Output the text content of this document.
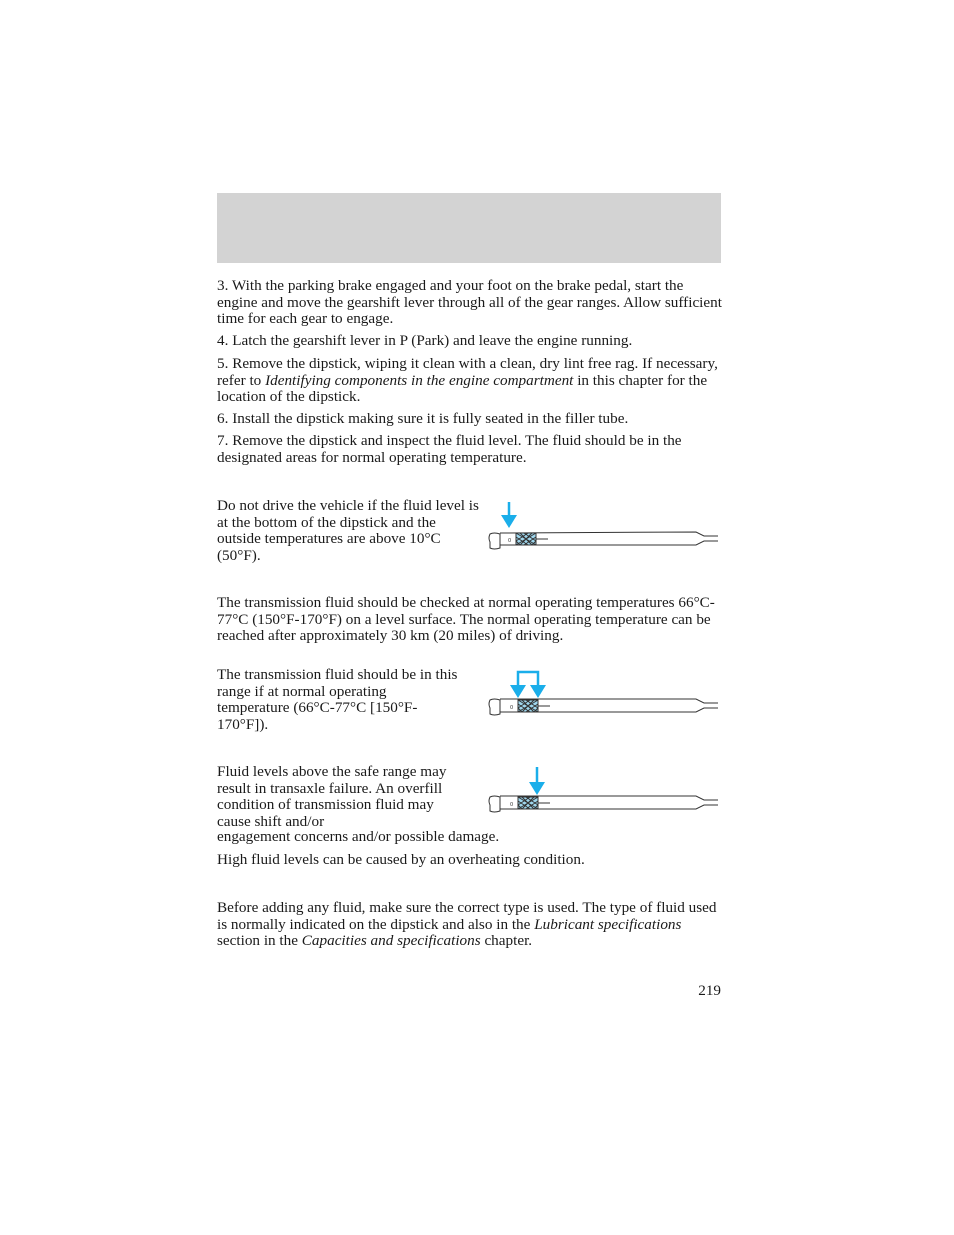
3. With the parking brake engaged and your foot on the brake pedal, start the engine and move the gearshift lever through all of the gear ranges. Allow sufficient time for each gear to engage.

4. Latch the gearshift lever in P (Park) and leave the engine running.

5. Remove the dipstick, wiping it clean with a clean, dry lint free rag. If necessary, refer to Identifying components in the engine compartment in this chapter for the location of the dipstick.

6. Install the dipstick making sure it is fully seated in the filler tube.

7. Remove the dipstick and inspect the fluid level. The fluid should be in the designated areas for normal operating temperature.

Do not drive the vehicle if the fluid level is at the bottom of the dipstick and the outside temperatures are above 10°C (50°F).

0

The transmission fluid should be checked at normal operating temperatures 66°C-77°C (150°F-170°F) on a level surface. The normal operating temperature can be reached after approximately 30 km (20 miles) of driving.

The transmission fluid should be in this range if at normal operating temperature (66°C-77°C [150°F-170°F]).

0

Fluid levels above the safe range may result in transaxle failure. An overfill condition of transmission fluid may cause shift and/or

engagement concerns and/or possible damage.

0

High fluid levels can be caused by an overheating condition.

Before adding any fluid, make sure the correct type is used. The type of fluid used is normally indicated on the dipstick and also in the Lubricant specifications section in the Capacities and specifications chapter.

219
